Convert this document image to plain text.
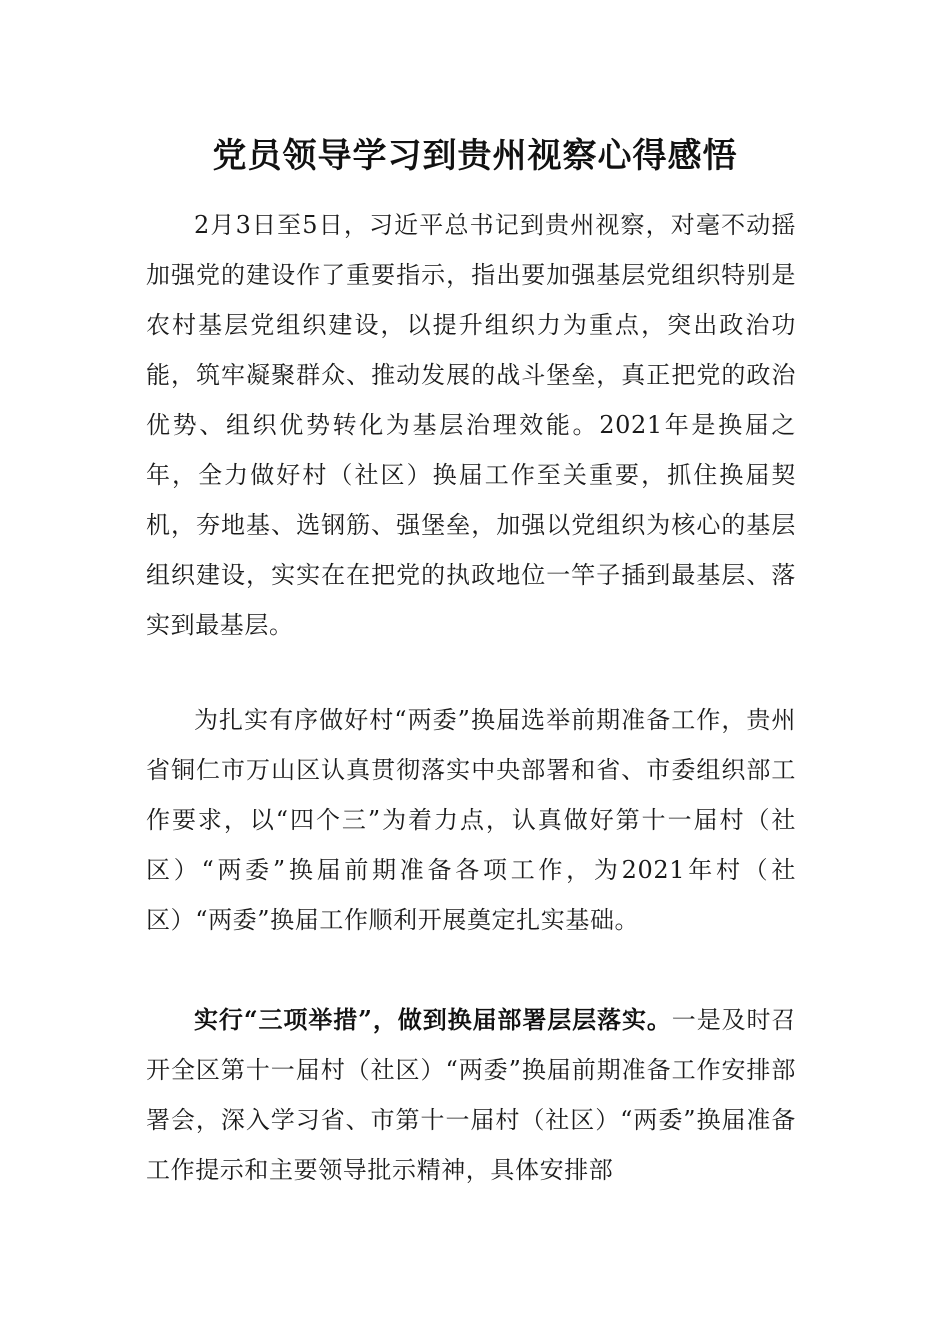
党员领导学习到贵州视察心得感悟

2月3日至5日，习近平总书记到贵州视察，对毫不动摇加强党的建设作了重要指示，指出要加强基层党组织特别是农村基层党组织建设，以提升组织力为重点，突出政治功能，筑牢凝聚群众、推动发展的战斗堡垒，真正把党的政治优势、组织优势转化为基层治理效能。2021年是换届之年，全力做好村（社区）换届工作至关重要，抓住换届契机，夯地基、选钢筋、强堡垒，加强以党组织为核心的基层组织建设，实实在在把党的执政地位一竿子插到最基层、落实到最基层。

为扎实有序做好村“两委”换届选举前期准备工作，贵州省铜仁市万山区认真贯彻落实中央部署和省、市委组织部工作要求，以“四个三”为着力点，认真做好第十一届村（社区）“两委”换届前期准备各项工作，为2021年村（社区）“两委”换届工作顺利开展奠定扎实基础。

实行“三项举措”，做到换届部署层层落实。一是及时召开全区第十一届村（社区）“两委”换届前期准备工作安排部署会，深入学习省、市第十一届村（社区）“两委”换届准备工作提示和主要领导批示精神，具体安排部
